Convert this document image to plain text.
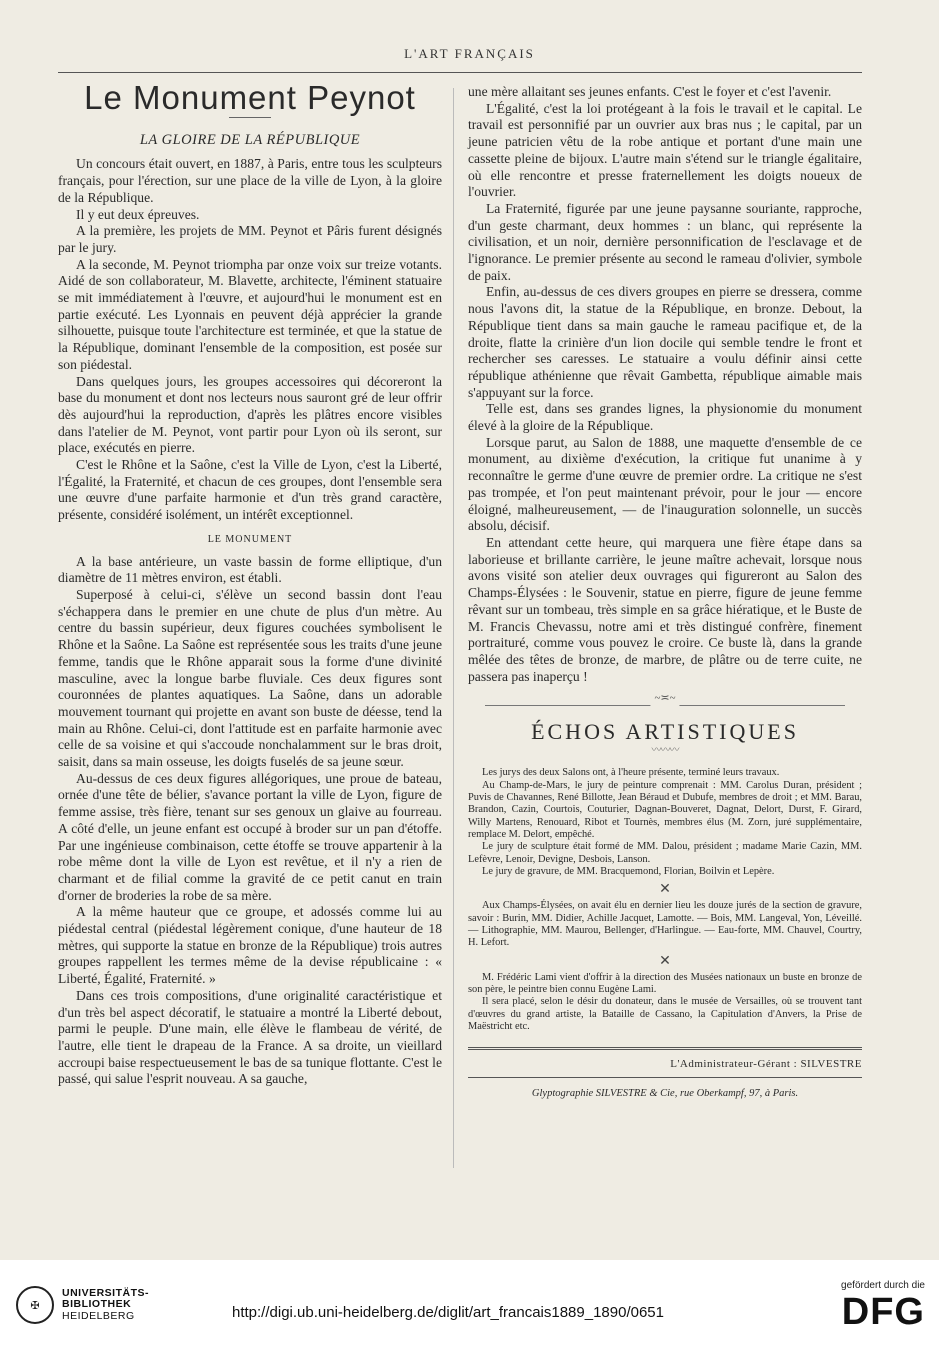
L'ART FRANÇAIS
Le Monument Peynot
LA GLOIRE DE LA RÉPUBLIQUE

Un concours était ouvert, en 1887, à Paris, entre tous les sculpteurs français, pour l'érection, sur une place de la ville de Lyon, à la gloire de la République.

Il y eut deux épreuves.

A la première, les projets de MM. Peynot et Pâris furent désignés par le jury.

A la seconde, M. Peynot triompha par onze voix sur treize votants. Aidé de son collaborateur, M. Blavette, architecte, l'éminent statuaire se mit immédiatement à l'œuvre, et aujourd'hui le monument est en partie exécuté. Les Lyonnais en peuvent déjà apprécier la grande silhouette, puisque toute l'architecture est terminée, et que la statue de la République, dominant l'ensemble de la composition, est posée sur son piédestal.

Dans quelques jours, les groupes accessoires qui décoreront la base du monument et dont nos lecteurs nous sauront gré de leur offrir dès aujourd'hui la reproduction, d'après les plâtres encore visibles dans l'atelier de M. Peynot, vont partir pour Lyon où ils seront, sur place, exécutés en pierre.

C'est le Rhône et la Saône, c'est la Ville de Lyon, c'est la Liberté, l'Égalité, la Fraternité, et chacun de ces groupes, dont l'ensemble sera une œuvre d'une parfaite harmonie et d'un très grand caractère, présente, considéré isolément, un intérêt exceptionnel.

LE MONUMENT

A la base antérieure, un vaste bassin de forme elliptique, d'un diamètre de 11 mètres environ, est établi.

Superposé à celui-ci, s'élève un second bassin dont l'eau s'échappera dans le premier en une chute de plus d'un mètre. Au centre du bassin supérieur, deux figures couchées symbolisent le Rhône et la Saône. La Saône est représentée sous les traits d'une jeune femme, tandis que le Rhône apparait sous la forme d'une divinité masculine, avec la longue barbe fluviale. Ces deux figures sont couronnées de plantes aquatiques. La Saône, dans un adorable mouvement tournant qui projette en avant son buste de déesse, tend la main au Rhône. Celui-ci, dont l'attitude est en parfaite harmonie avec celle de sa voisine et qui s'accoude nonchalamment sur le bras droit, saisit, dans sa main osseuse, les doigts fuselés de sa jeune sœur.

Au-dessus de ces deux figures allégoriques, une proue de bateau, ornée d'une tête de bélier, s'avance portant la ville de Lyon, figure de femme assise, très fière, tenant sur ses genoux un glaive au fourreau. A côté d'elle, un jeune enfant est occupé à broder sur un pan d'étoffe. Par une ingénieuse combinaison, cette étoffe se trouve appartenir à la robe même dont la ville de Lyon est revêtue, et il n'y a rien de charmant et de filial comme la gravité de ce petit canut en train d'orner de broderies la robe de sa mère.

A la même hauteur que ce groupe, et adossés comme lui au piédestal central (piédestal légèrement conique, d'une hauteur de 18 mètres, qui supporte la statue en bronze de la République) trois autres groupes rappellent les termes même de la devise républicaine : « Liberté, Égalité, Fraternité. »

Dans ces trois compositions, d'une originalité caractéristique et d'un très bel aspect décoratif, le statuaire a montré la Liberté debout, parmi le peuple. D'une main, elle élève le flambeau de vérité, de l'autre, elle tient le drapeau de la France. A sa droite, un vieillard accroupi baise respectueusement le bas de sa tunique flottante. C'est le passé, qui salue l'esprit nouveau. A sa gauche,

une mère allaitant ses jeunes enfants. C'est le foyer et c'est l'avenir.

L'Égalité, c'est la loi protégeant à la fois le travail et le capital. Le travail est personnifié par un ouvrier aux bras nus ; le capital, par un jeune patricien vêtu de la robe antique et portant d'une main une cassette pleine de bijoux. L'autre main s'étend sur le triangle égalitaire, où elle rencontre et presse fraternellement les doigts noueux de l'ouvrier.

La Fraternité, figurée par une jeune paysanne souriante, rapproche, d'un geste charmant, deux hommes : un blanc, qui représente la civilisation, et un noir, dernière personnification de l'esclavage et de l'ignorance. Le premier présente au second le rameau d'olivier, symbole de paix.

Enfin, au-dessus de ces divers groupes en pierre se dressera, comme nous l'avons dit, la statue de la République, en bronze. Debout, la République tient dans sa main gauche le rameau pacifique et, de la droite, flatte la crinière d'un lion docile qui semble tendre le front et rechercher ses caresses. Le statuaire a voulu définir ainsi cette république athénienne que rêvait Gambetta, république aimable mais s'appuyant sur la force.

Telle est, dans ses grandes lignes, la physionomie du monument élevé à la gloire de la République.

Lorsque parut, au Salon de 1888, une maquette d'ensemble de ce monument, au dixième d'exécution, la critique fut unanime à y reconnaître le germe d'une œuvre de premier ordre. La critique ne s'est pas trompée, et l'on peut maintenant prévoir, pour le jour — encore éloigné, malheureusement, — de l'inauguration solonnelle, un succès absolu, décisif.

En attendant cette heure, qui marquera une fière étape dans sa laborieuse et brillante carrière, le jeune maître achevait, lorsque nous avons visité son atelier deux ouvrages qui figureront au Salon des Champs-Élysées : le Souvenir, statue en pierre, figure de jeune femme rêvant sur un tombeau, très simple en sa grâce hiératique, et le Buste de M. Francis Chevassu, notre ami et très distingué confrère, finement portraituré, comme vous pouvez le croire. Ce buste là, dans la grande mêlée des têtes de bronze, de marbre, de plâtre ou de terre cuite, ne passera pas inaperçu !

~≍~
ÉCHOS ARTISTIQUES
〰〰〰

Les jurys des deux Salons ont, à l'heure présente, terminé leurs travaux.

Au Champ-de-Mars, le jury de peinture comprenait : MM. Carolus Duran, président ; Puvis de Chavannes, René Billotte, Jean Béraud et Dubufe, membres de droit ; et MM. Barau, Brandon, Cazin, Courtois, Couturier, Dagnan-Bouveret, Dagnat, Delort, Durst, F. Girard, Willy Martens, Renouard, Ribot et Tournès, membres élus (M. Zorn, juré supplémentaire, remplace M. Delort, empêché.

Le jury de sculpture était formé de MM. Dalou, président ; madame Marie Cazin, MM. Lefèvre, Lenoir, Devigne, Desbois, Lanson.

Le jury de gravure, de MM. Bracquemond, Florian, Boilvin et Lepère.

✕

Aux Champs-Élysées, on avait élu en dernier lieu les douze jurés de la section de gravure, savoir : Burin, MM. Didier, Achille Jacquet, Lamotte. — Bois, MM. Langeval, Yon, Léveillé. — Lithographie, MM. Maurou, Bellenger, d'Harlingue. — Eau-forte, MM. Chauvel, Courtry, H. Lefort.

✕

M. Frédéric Lami vient d'offrir à la direction des Musées nationaux un buste en bronze de son père, le peintre bien connu Eugène Lami.

Il sera placé, selon le désir du donateur, dans le musée de Versailles, où se trouvent tant d'œuvres du grand artiste, la Bataille de Cassano, la Capitulation d'Anvers, la Prise de Maëstricht etc.

L'Administrateur-Gérant : SILVESTRE
Glyptographie SILVESTRE & Cie, rue Oberkampf, 97, à Paris.
✠
UNIVERSITÄTS-
BIBLIOTHEK
HEIDELBERG	http://digi.ub.uni-heidelberg.de/diglit/art_francais1889_1890/0651
gefördert durch die
DFG
